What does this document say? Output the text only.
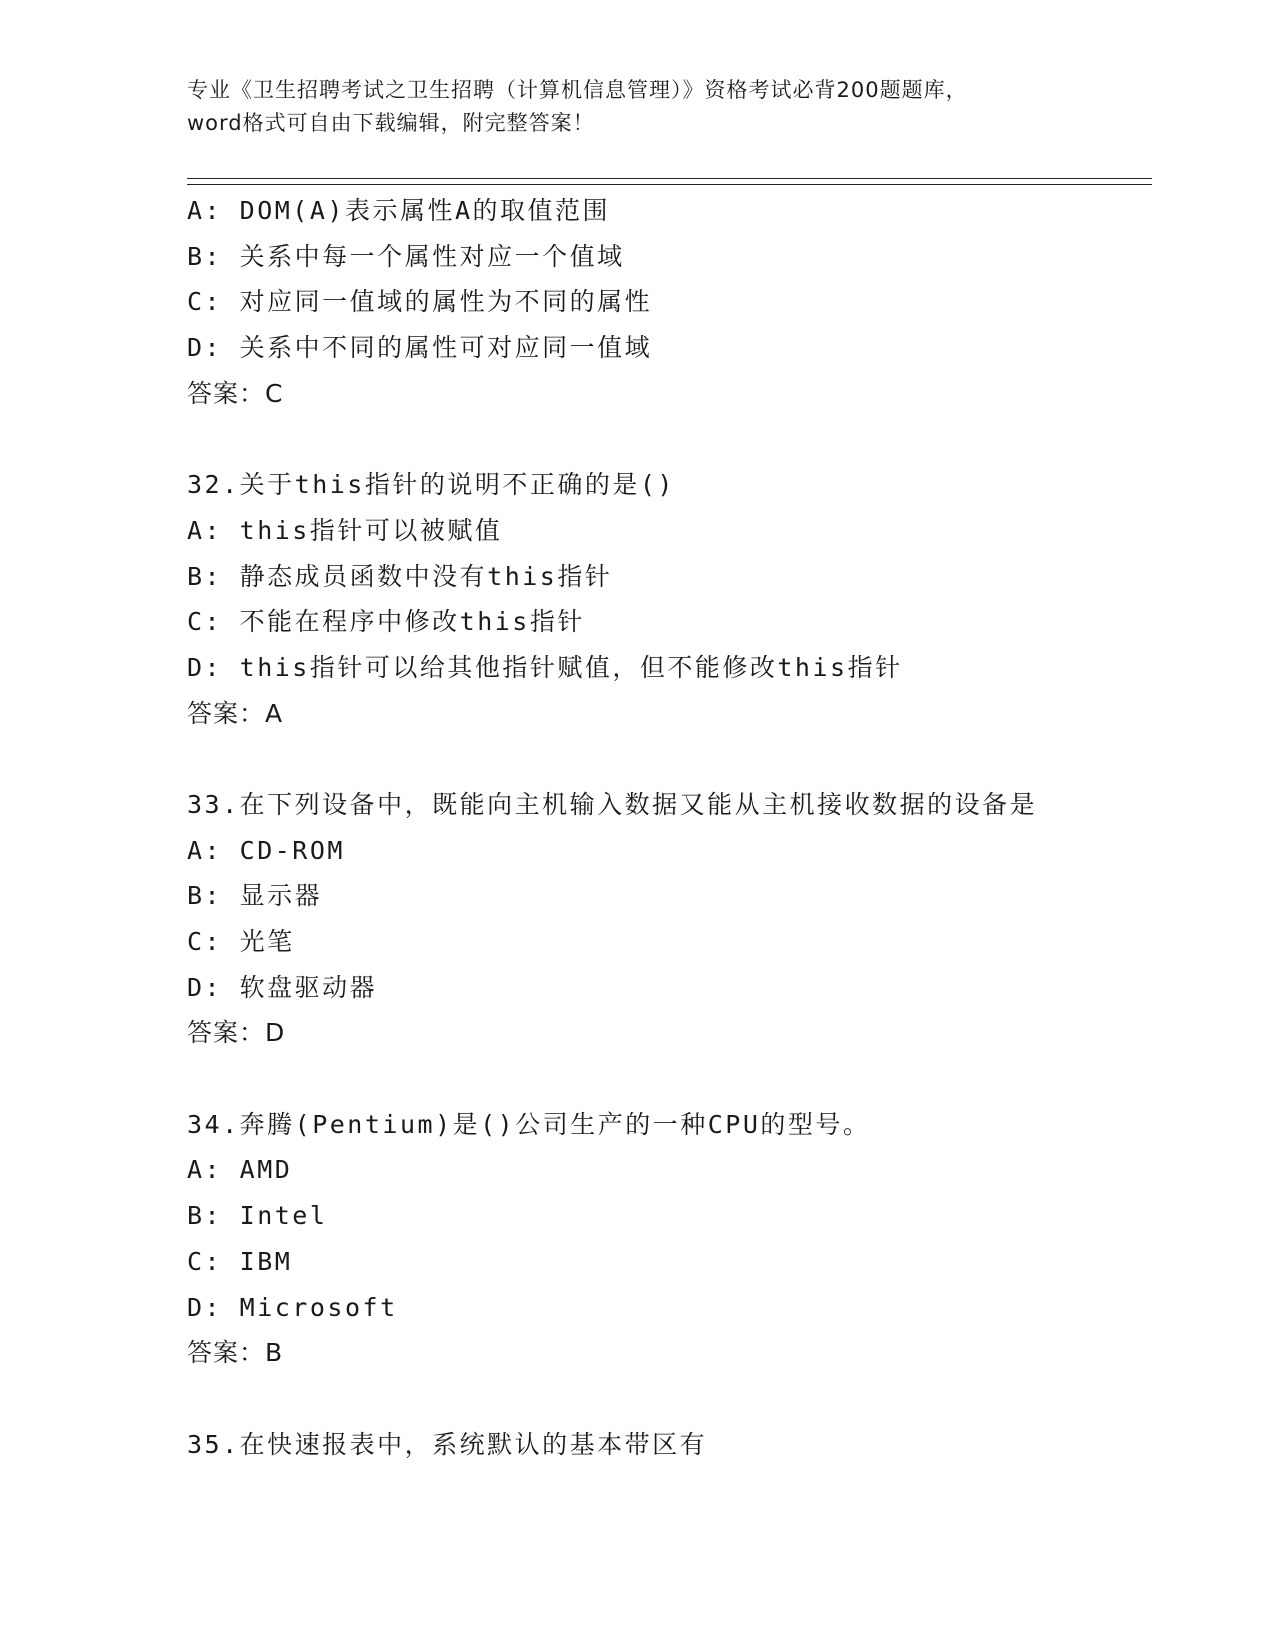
专业《卫生招聘考试之卫生招聘（计算机信息管理）》资格考试必背200题题库，
word格式可自由下载编辑，附完整答案！
A: DOM(A)表示属性A的取值范围
B: 关系中每一个属性对应一个值域
C: 对应同一值域的属性为不同的属性
D: 关系中不同的属性可对应同一值域
答案：C
32.关于this指针的说明不正确的是()
A: this指针可以被赋值
B: 静态成员函数中没有this指针
C: 不能在程序中修改this指针
D: this指针可以给其他指针赋值，但不能修改this指针
答案：A
33.在下列设备中，既能向主机输入数据又能从主机接收数据的设备是
A: CD-ROM
B: 显示器
C: 光笔
D: 软盘驱动器
答案：D
34.奔腾(Pentium)是()公司生产的一种CPU的型号。
A: AMD
B: Intel
C: IBM
D: Microsoft
答案：B
35.在快速报表中，系统默认的基本带区有
